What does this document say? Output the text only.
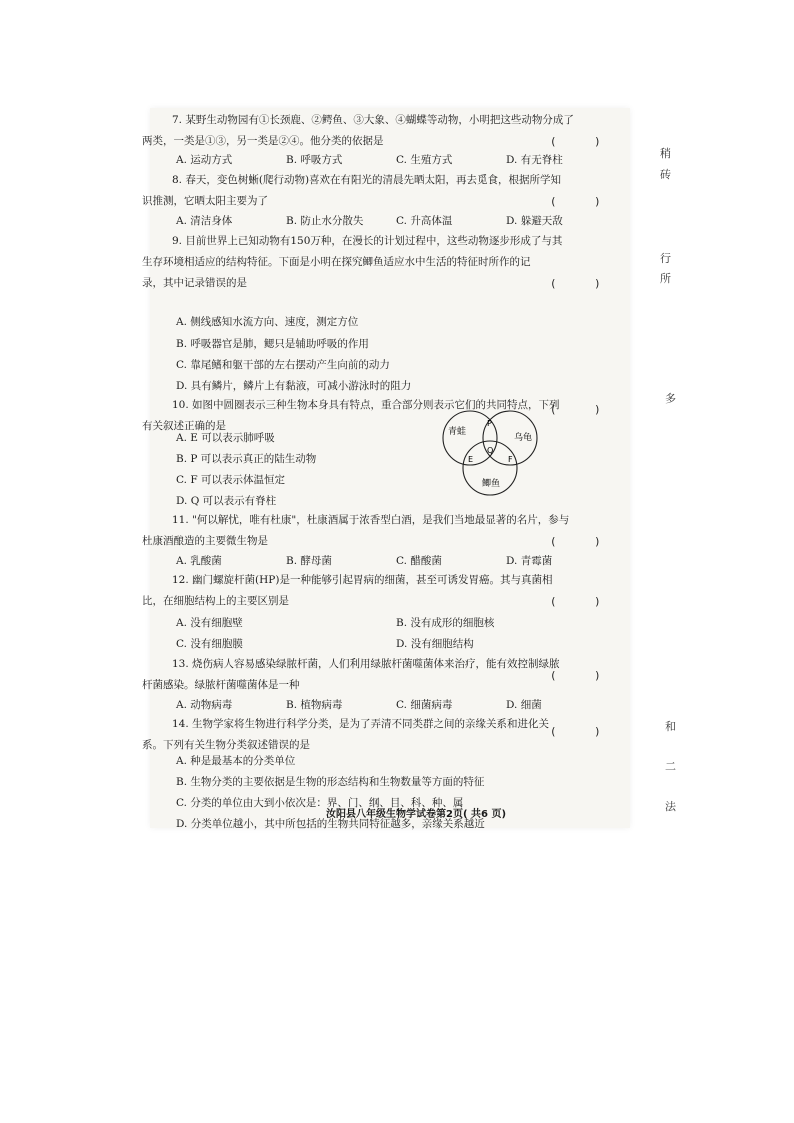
7. 某野生动物园有①长颈鹿、②鳄鱼、③大象、④蝴蝶等动物，小明把这些动物分成了
两类，一类是①③，另一类是②④。他分类的依据是	(      )
A. 运动方式	B. 呼吸方式	C. 生殖方式	D. 有无脊柱
8. 春天，变色树蜥(爬行动物)喜欢在有阳光的清晨先晒太阳，再去觅食，根据所学知
识推测，它晒太阳主要为了	(      )
A. 清洁身体	B. 防止水分散失	C. 升高体温	D. 躲避天敌
9. 目前世界上已知动物有150万种，在漫长的计划过程中，这些动物逐步形成了与其
生存环境相适应的结构特征。下面是小明在探究鲫鱼适应水中生活的特征时所作的记
录，其中记录错误的是	(      )
A. 侧线感知水流方向、速度，测定方位
B. 呼吸器官是肺，鳃只是辅助呼吸的作用
C. 靠尾鳍和躯干部的左右摆动产生向前的动力
D. 具有鳞片，鳞片上有黏液，可减小游泳时的阻力
10. 如图中圆圈表示三种生物本身具有特点，重合部分则表示它们的共同特点，下列
有关叙述正确的是
(      )
A. E 可以表示肺呼吸
B. P 可以表示真正的陆生动物
C. F 可以表示体温恒定
D. Q 可以表示有脊柱
青蛙
乌龟
鲫鱼
P
Q
E	F
11. "何以解忧，唯有杜康"，杜康酒属于浓香型白酒，是我们当地最显著的名片，参与
杜康酒酿造的主要微生物是	(      )
A. 乳酸菌	B. 酵母菌	C. 醋酸菌	D. 青霉菌
12. 幽门螺旋杆菌(HP)是一种能够引起胃病的细菌，甚至可诱发胃癌。其与真菌相
比，在细胞结构上的主要区别是	(      )
A. 没有细胞壁	B. 没有成形的细胞核
C. 没有细胞膜	D. 没有细胞结构
13. 烧伤病人容易感染绿脓杆菌，人们利用绿脓杆菌噬菌体来治疗，能有效控制绿脓
杆菌感染。绿脓杆菌噬菌体是一种
(      )
A. 动物病毒	B. 植物病毒	C. 细菌病毒	D. 细菌
14. 生物学家将生物进行科学分类，是为了弄清不同类群之间的亲缘关系和进化关
系。下列有关生物分类叙述错误的是
(      )
A. 种是最基本的分类单位
B. 生物分类的主要依据是生物的形态结构和生物数量等方面的特征
C. 分类的单位由大到小依次是：界、门、纲、目、科、种、属
D. 分类单位越小，其中所包括的生物共同特征越多，亲缘关系越近
汝阳县八年级生物学试卷第2页( 共6 页)
稍
砖
行
所
多
和
二
法
